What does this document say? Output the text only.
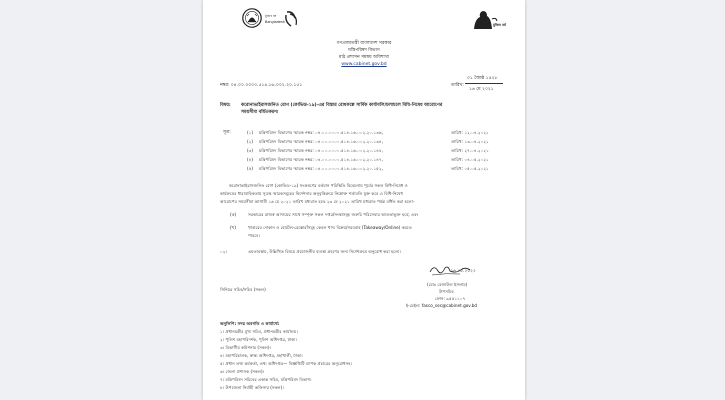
মুজিব বর্ষ
Bangladesh
মুজিব বর্ষ
গণপ্রজাতন্ত্রী বাংলাদেশ সরকার
মন্ত্রিপরিষদ বিভাগ
মাঠ প্রশাসন সমন্বয় অধিশাখা
www.cabinet.gov.bd
নম্বর: ০৪.০০.০০০০.৫১৪.১৬.০০২.২০.১৫১	তারিখ:
০১ জ্যৈষ্ঠ ১৪২৮
১৬ মে ২০২১
বিষয়: করোনাভাইরাসজনিত রোগ (কোভিড-১৯)-এর বিস্তার রোধকল্পে সার্বিক কার্যাবলি/চলাচলে বিধি-নিষেধ আরোপের
সময়সীমা বর্ধিতকরণ।
সূত্র:	(১) মন্ত্রিপরিষদ বিভাগের স্মারক নম্বর: ০৪.০০.০০০০.৫১৪.১৬.০০২.২০.১৩৬,	তারিখ: ১২.০৪.২০২১
(২) মন্ত্রিপরিষদ বিভাগের স্মারক নম্বর: ০৪.০০.০০০০.৫১৪.১৬.০০২.২০.১৩৪,	তারিখ: ১৩.০৪.২০২১
(৩) মন্ত্রিপরিষদ বিভাগের স্মারক নম্বর: ০৪.০০.০০০০.৫১৪.১৬.০০২.২০.১৪৪,	তারিখ: ২৭.০৪.২০২১
(৪) মন্ত্রিপরিষদ বিভাগের স্মারক নম্বর: ০৪.০০.০০০০.৫১৪.১৬.০০২.২০.১৪৭,	তারিখ: ০৪.০৫.২০২১
(৫) মন্ত্রিপরিষদ বিভাগের স্মারক নম্বর: ০৪.০০.০০০০.৫১৪.১৬.০০২.২০.১৫২,	তারিখ: ০৫.০৫.২০২১
করোনাভাইরাসজনিত রোগ (কোভিড-১৯) সংক্রমণের বর্তমান পরিস্থিতি বিবেচনায় পূর্বের সকল বিধি-নিষেধ ও
কার্যক্রমের ধারাবাহিকতায় সূত্রস্থ স্মারকসমূহের নির্দেশনার অনুবৃত্তিক্রমে নিম্নোক্ত শর্তাবলি যুক্ত করে এ বিধি-নিষেধ
আরোপের সময়সীমা আগামী ১৬ মে ২০২১ তারিখ মধ্যরাত হতে ২৩ মে ২০২১ তারিখ মধ্যরাত পর্যন্ত বর্ধিত করা হলো-
(ক)	সরকারের রাজস্ব আদায়ের সাথে সম্পৃক্ত সকল দপ্তর/সংস্থাসমূহ জরুরি পরিসেবার আওতাভুক্ত হবে; এবং
(খ)	খাবারের দোকান ও হোটেল-রেস্তোরাঁসমূহ কেবল খাদ্য বিক্রয়/সরবরাহ (Takeaway/Online) করতে
পারবে।
০২।	এমতাবস্থায়, উল্লিখিত বিষয়ে প্রয়োজনীয় ব্যবস্থা গ্রহণের জন্য নির্দেশক্রমে অনুরোধ করা হলো।
১৬.০৫.২০২১
(মোঃ রেজাউল ইসলাম)
উপসচিব
ফোন: ৯৫৫১১০৭
ই-মেইল: fasco_sec@cabinet.gov.bd
সিনিয়র সচিব/সচিব (সকল)
অনুলিপি: সদয় অবগতি ও কার্যার্থে:
১। প্রধানমন্ত্রীর মুখ্য সচিব, প্রধানমন্ত্রীর কার্যালয়।
২। পুলিশ মহাপরিদর্শক, পুলিশ অধিদপ্তর, ঢাকা।
৩। বিভাগীয় কমিশনার (সকল)।
৪। মহাপরিচালক, স্বাস্থ্য অধিদপ্তর, মহাখালী, ঢাকা।
৫। প্রধান তথ্য কর্মকর্তা, তথ্য অধিদপ্তর— বিজ্ঞপ্তিটি ব্যাপক প্রচারের অনুরোধসহ।
৬। জেলা প্রশাসক (সকল)।
৭। মন্ত্রিপরিষদ সচিবের একান্ত সচিব, মন্ত্রিপরিষদ বিভাগ।
৮। উপজেলা নির্বাহী অফিসার (সকল)।
